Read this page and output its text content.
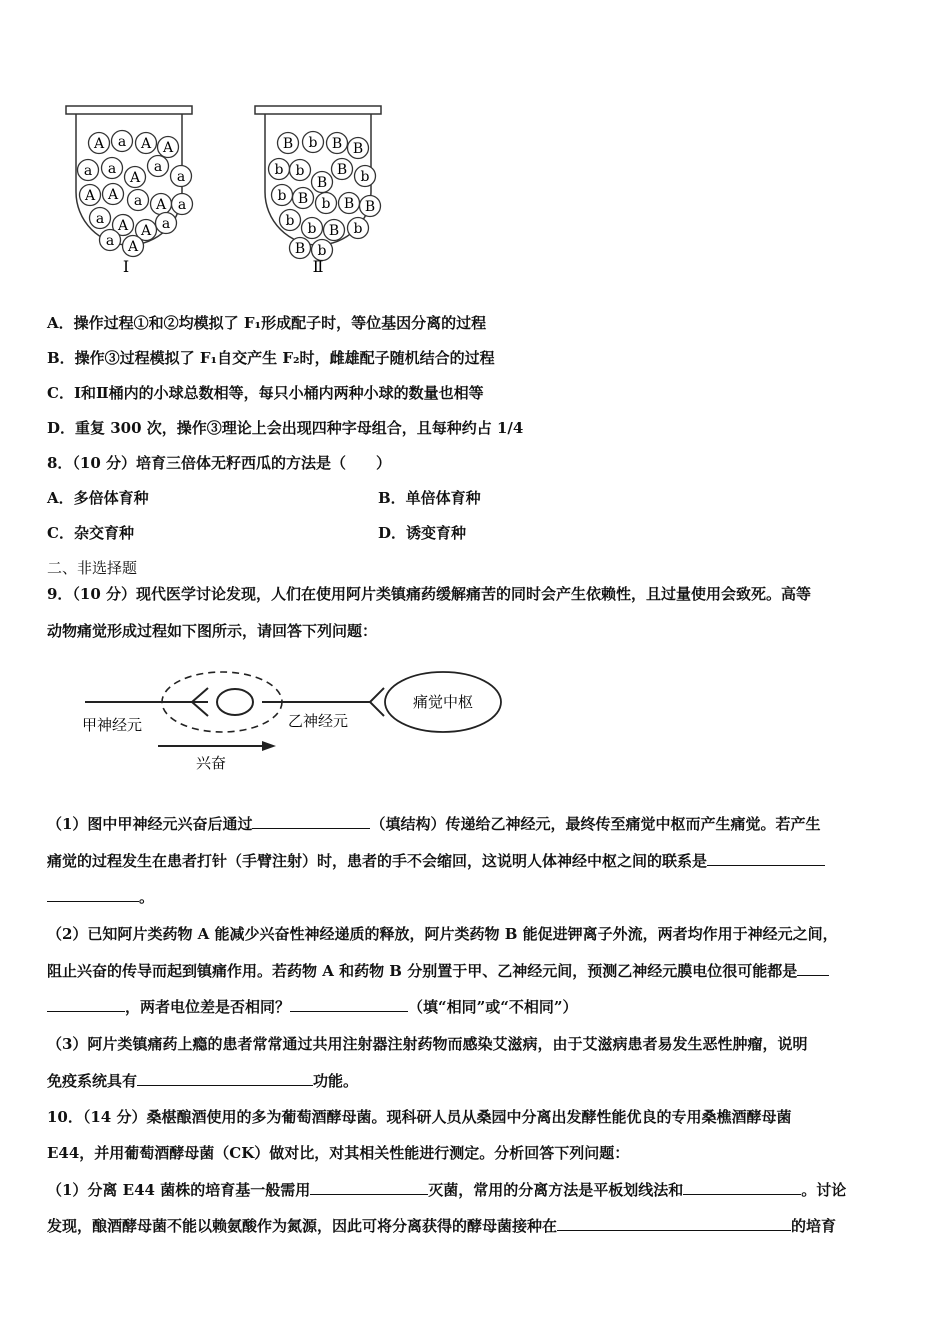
A a A A
a a
A
a
a
A A a A a
a A A a
a A
Ⅰ
B b B B
b b
B
B b
b B b B B
b b B b
B b
Ⅱ
A．操作过程①和②均模拟了 F₁形成配子时，等位基因分离的过程
B．操作③过程模拟了 F₁自交产生 F₂时，雌雄配子随机结合的过程
C．Ⅰ和Ⅱ桶内的小球总数相等，每只小桶内两种小球的数量也相等
D．重复 300 次，操作③理论上会出现四种字母组合，且每种约占 1/4
8．（10 分）培育三倍体无籽西瓜的方法是（　　）
A．多倍体育种	B．单倍体育种
C．杂交育种	D．诱变育种
二、非选择题
9．（10 分）现代医学讨论发现，人们在使用阿片类镇痛药缓解痛苦的同时会产生依赖性，且过量使用会致死。高等
动物痛觉形成过程如下图所示，请回答下列问题：
甲神经元	乙神经元
痛觉中枢
兴奋
（1）图中甲神经元兴奋后通过	（填结构）传递给乙神经元，最终传至痛觉中枢而产生痛觉。若产生
痛觉的过程发生在患者打针（手臂注射）时，患者的手不会缩回，这说明人体神经中枢之间的联系是
。
（2）已知阿片类药物 A 能减少兴奋性神经递质的释放，阿片类药物 B 能促进钾离子外流，两者均作用于神经元之间，
阻止兴奋的传导而起到镇痛作用。若药物 A 和药物 B 分别置于甲、乙神经元间，预测乙神经元膜电位很可能都是
，两者电位差是否相同？	（填“相同”或“不相同”）
（3）阿片类镇痛药上瘾的患者常常通过共用注射器注射药物而感染艾滋病，由于艾滋病患者易发生恶性肿瘤，说明
免疫系统具有	功能。
10．（14 分）桑椹酿酒使用的多为葡萄酒酵母菌。现科研人员从桑园中分离出发酵性能优良的专用桑樵酒酵母菌
E44，并用葡萄酒酵母菌（CK）做对比，对其相关性能进行测定。分析回答下列问题：
（1）分离 E44 菌株的培育基一般需用	灭菌，常用的分离方法是平板划线法和	。讨论
发现，酿酒酵母菌不能以赖氨酸作为氮源，因此可将分离获得的酵母菌接种在	的培育
